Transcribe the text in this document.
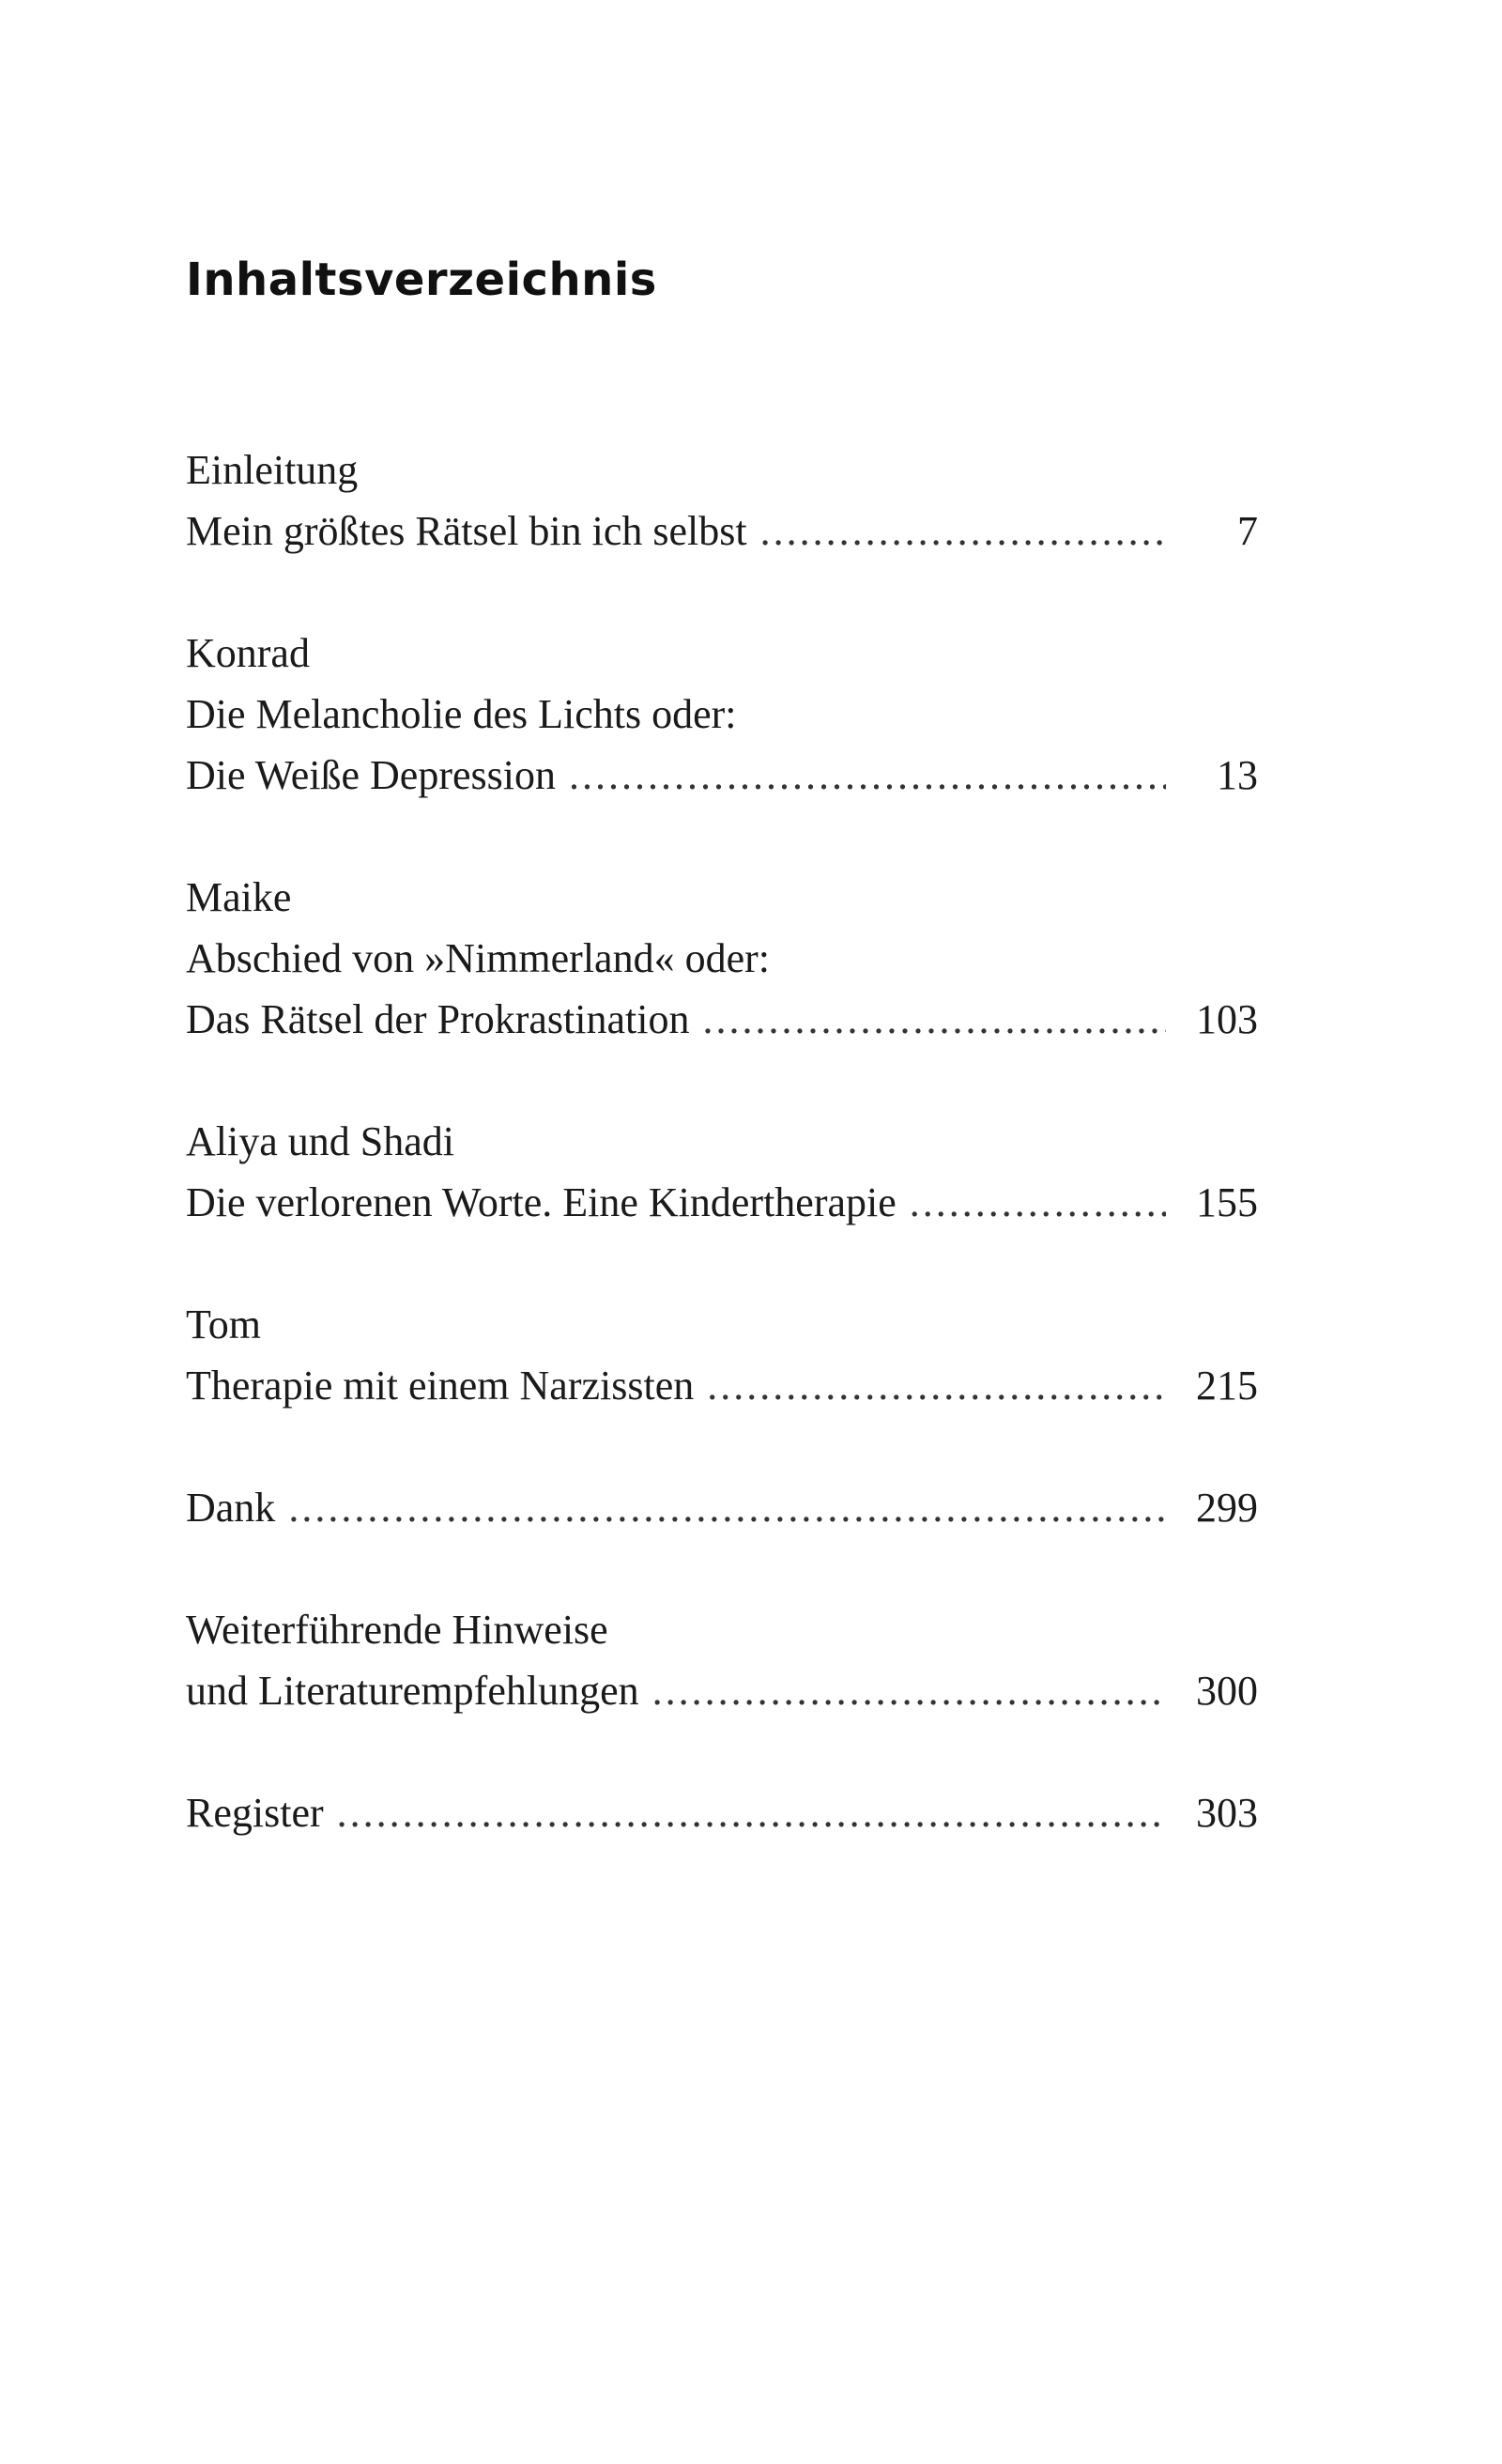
Inhaltsverzeichnis
Einleitung
Mein größtes Rätsel bin ich selbst . . .	7
Konrad
Die Melancholie des Lichts oder:
Die Weiße Depression . . .	13
Maike
Abschied von »Nimmerland« oder:
Das Rätsel der Prokrastination . . .	103
Aliya und Shadi
Die verlorenen Worte. Eine Kindertherapie . . .	155
Tom
Therapie mit einem Narzissten . . .	215
Dank . . .	299
Weiterführende Hinweise
und Literaturempfehlungen . . .	300
Register . . .	303
